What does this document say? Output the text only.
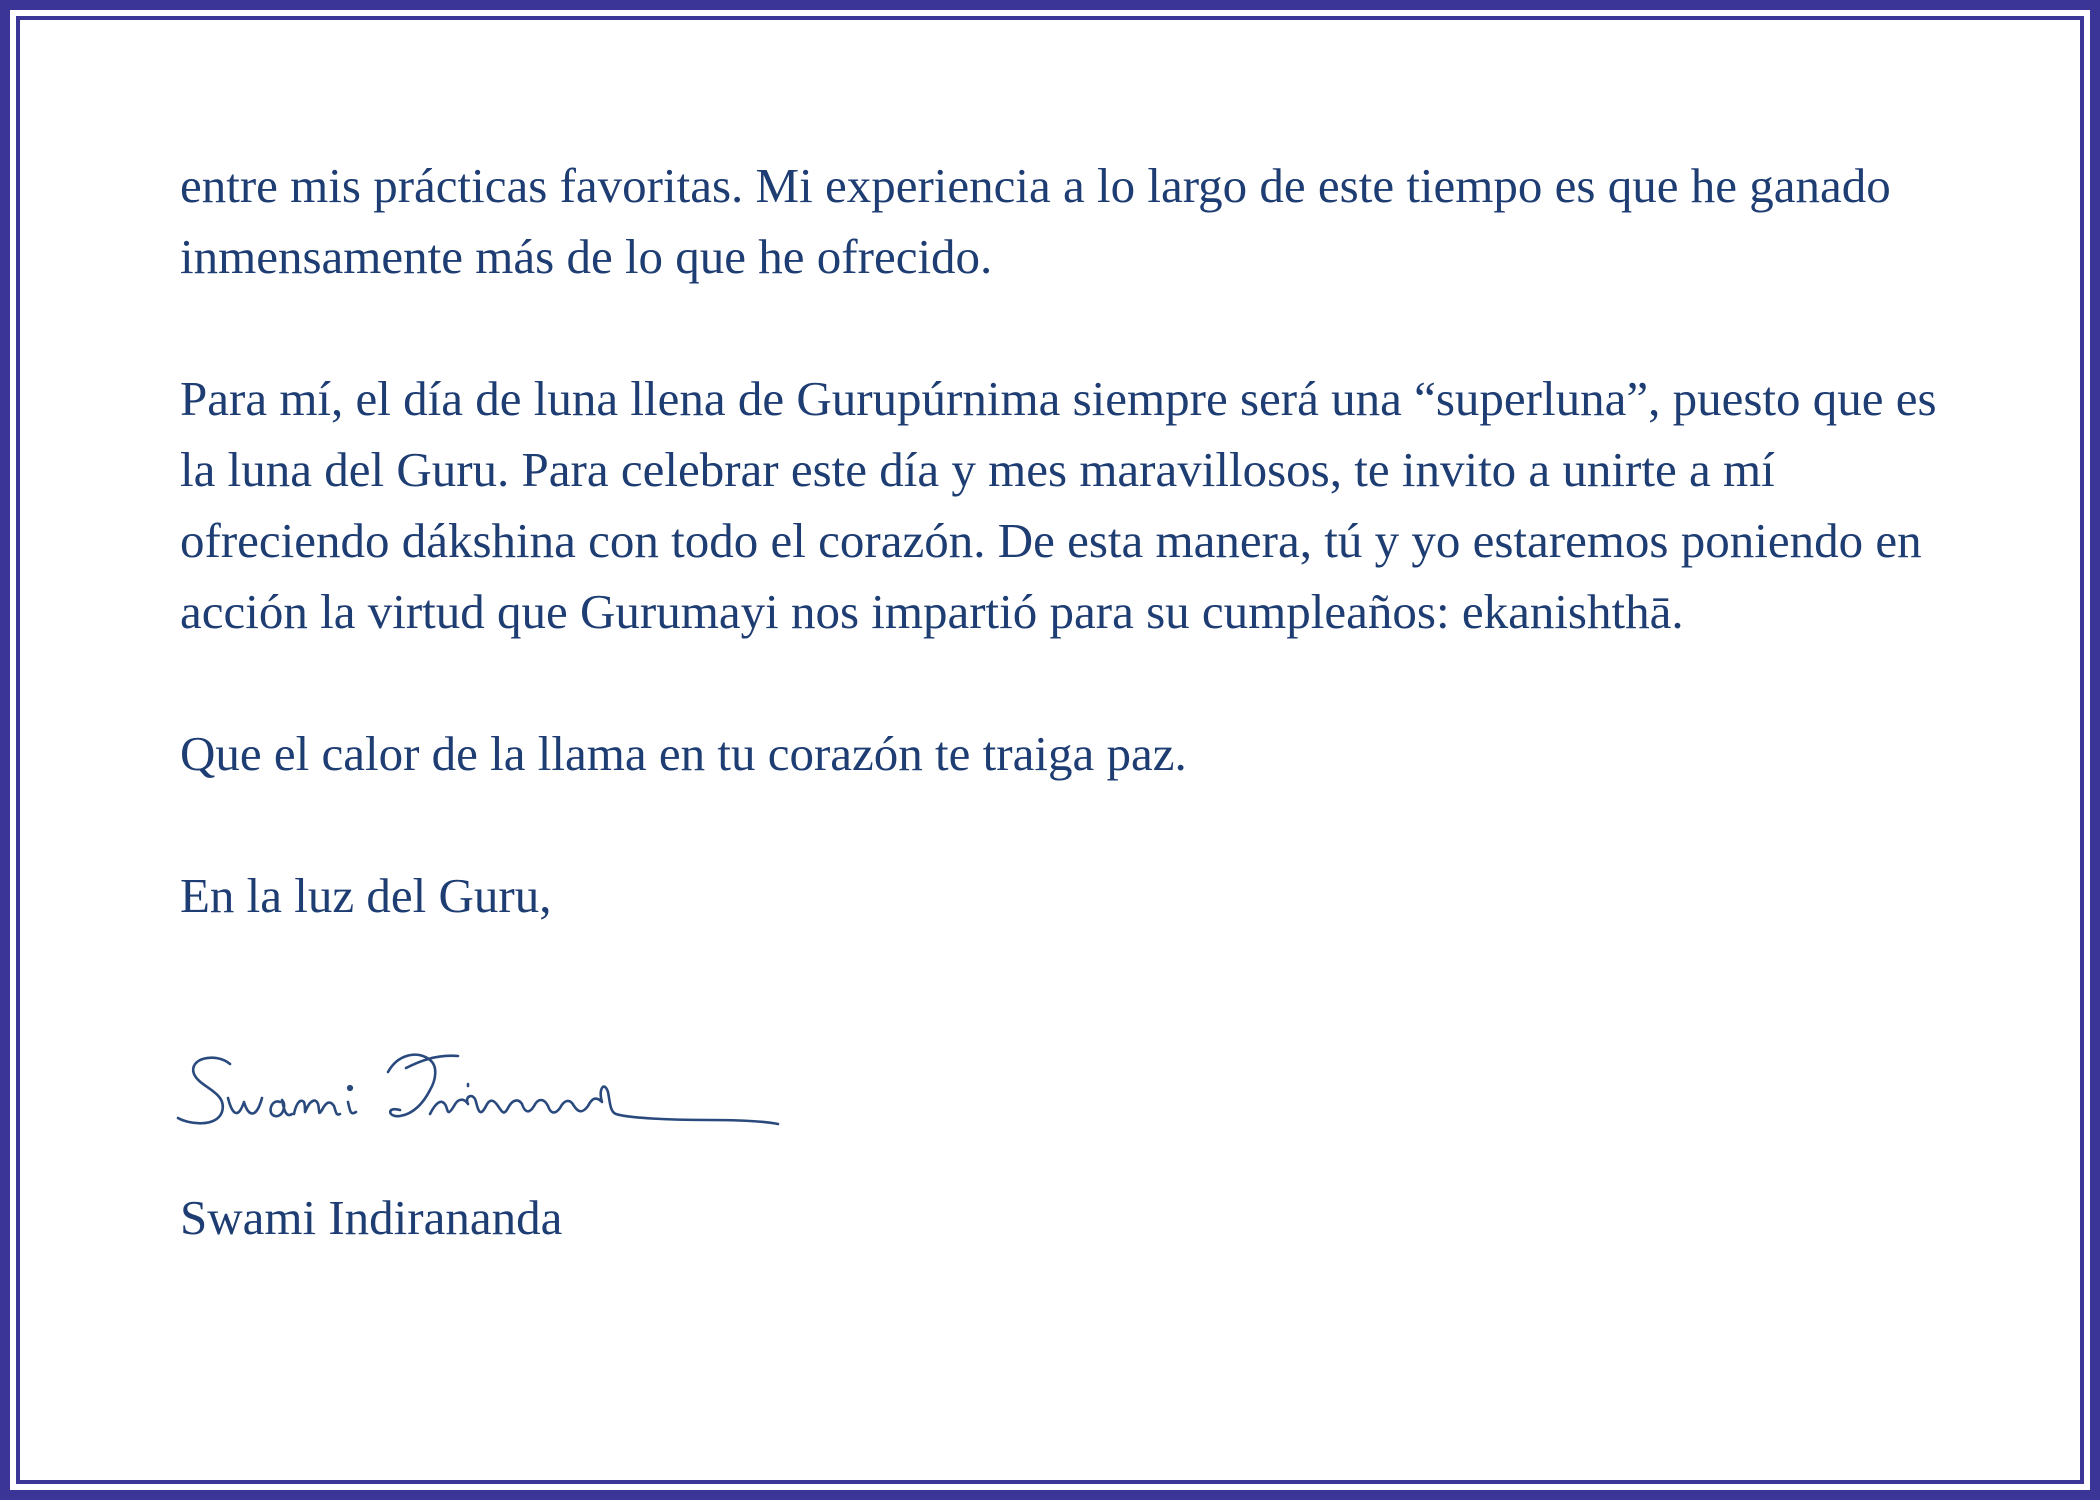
entre mis prácticas favoritas. Mi experiencia a lo largo de este tiempo es que he ganado inmensamente más de lo que he ofrecido.

Para mí, el día de luna llena de Gurupúrnima siempre será una “superluna”, puesto que es la luna del Guru. Para celebrar este día y mes maravillosos, te invito a unirte a mí ofreciendo dákshina con todo el corazón. De esta manera, tú y yo estaremos poniendo en acción la virtud que Gurumayi nos impartió para su cumpleaños: ekanishthā.

Que el calor de la llama en tu corazón te traiga paz.

En la luz del Guru,

Swami Indirananda
